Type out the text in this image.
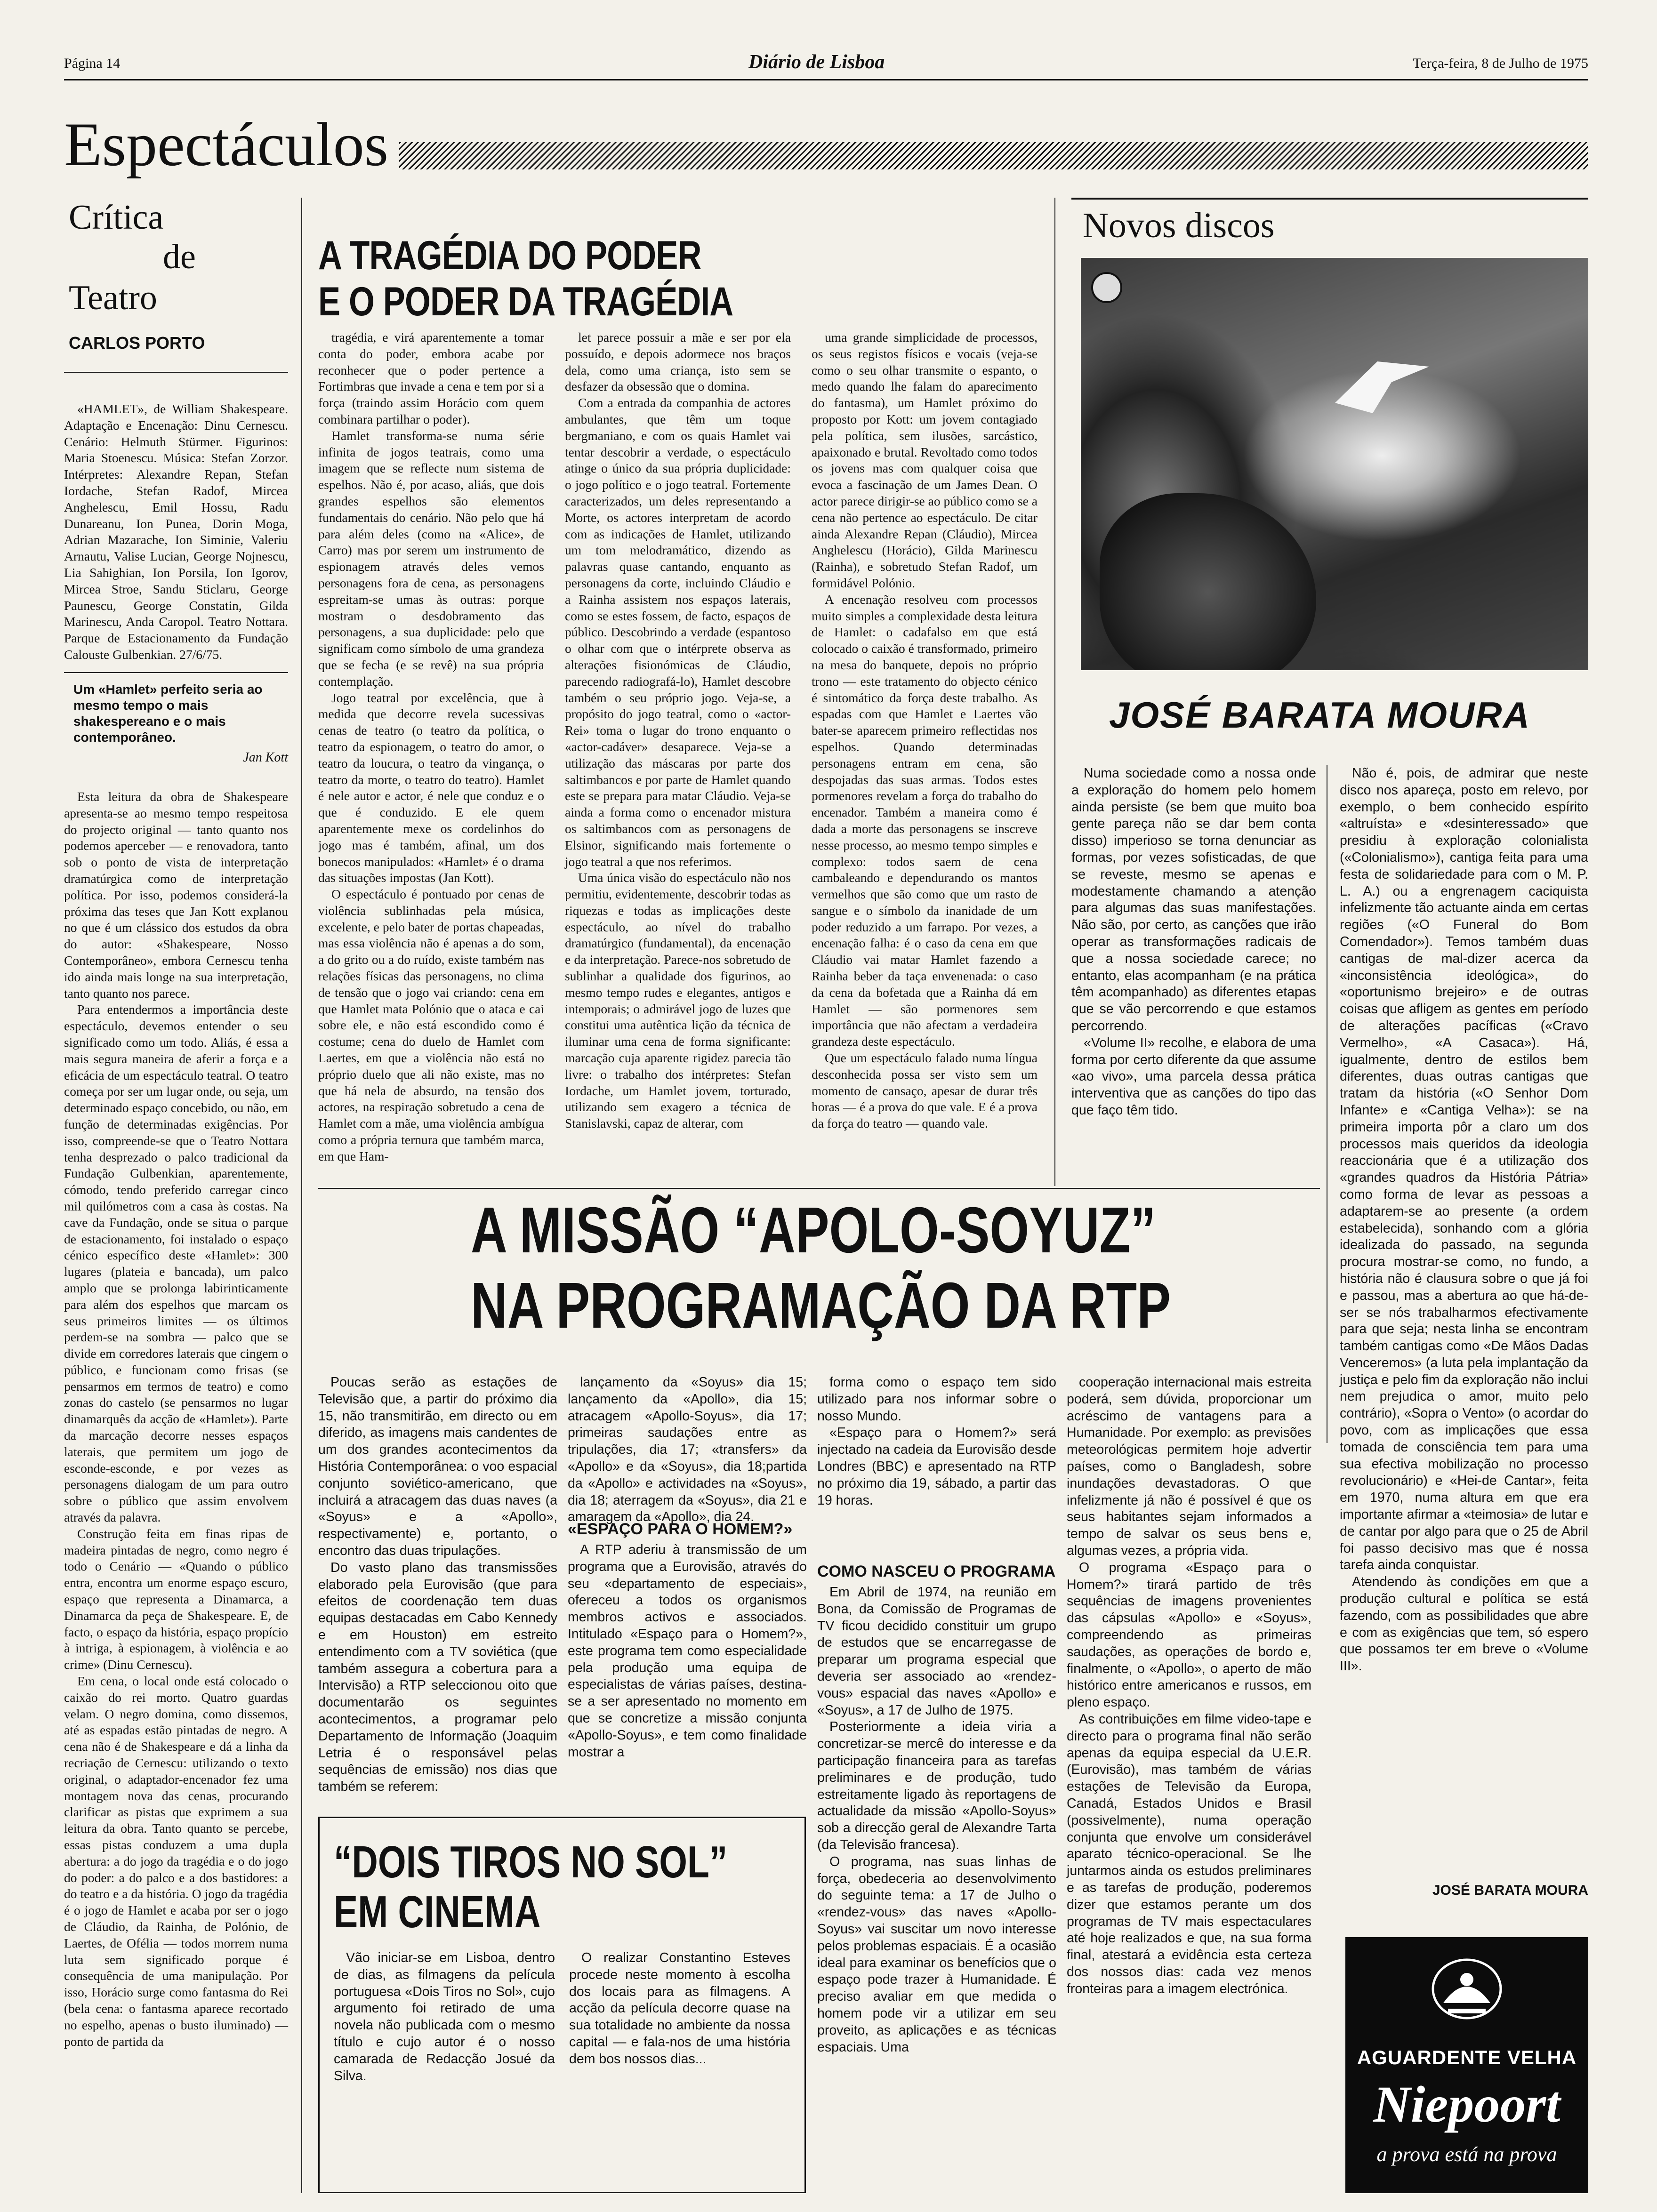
Página 14	Diário de Lisboa	Terça-feira, 8 de Julho de 1975
Espectáculos
Crítica
de
Teatro
CARLOS PORTO

«HAMLET», de William Shakespeare. Adaptação e Encenação: Dinu Cernescu. Cenário: Helmuth Stürmer. Figurinos: Maria Stoenescu. Música: Stefan Zorzor. Intérpretes: Alexandre Repan, Stefan Iordache, Stefan Radof, Mircea Anghelescu, Emil Hossu, Radu Dunareanu, Ion Punea, Dorin Moga, Adrian Mazarache, Ion Siminie, Valeriu Arnautu, Valise Lucian, George Nojnescu, Lia Sahighian, Ion Porsila, Ion Igorov, Mircea Stroe, Sandu Sticlaru, George Paunescu, George Constatin, Gilda Marinescu, Anda Caropol. Teatro Nottara. Parque de Estacionamento da Fundação Calouste Gulbenkian. 27/6/75.

Um «Hamlet» perfeito seria ao mesmo tempo o mais shakespereano e o mais contemporâneo.
Jan Kott

Esta leitura da obra de Shakespeare apresenta-se ao mesmo tempo respeitosa do projecto original — tanto quanto nos podemos aperceber — e renovadora, tanto sob o ponto de vista de interpretação dramatúrgica como de interpretação política. Por isso, podemos considerá-la próxima das teses que Jan Kott explanou no que é um clássico dos estudos da obra do autor: «Shakespeare, Nosso Contemporâneo», embora Cernescu tenha ido ainda mais longe na sua interpretação, tanto quanto nos parece.

Para entendermos a importância deste espectáculo, devemos entender o seu significado como um todo. Aliás, é essa a mais segura maneira de aferir a força e a eficácia de um espectáculo teatral. O teatro começa por ser um lugar onde, ou seja, um determinado espaço concebido, ou não, em função de determinadas exigências. Por isso, compreende-se que o Teatro Nottara tenha desprezado o palco tradicional da Fundação Gulbenkian, aparentemente, cómodo, tendo preferido carregar cinco mil quilómetros com a casa às costas. Na cave da Fundação, onde se situa o parque de estacionamento, foi instalado o espaço cénico específico deste «Hamlet»: 300 lugares (plateia e bancada), um palco amplo que se prolonga labirinticamente para além dos espelhos que marcam os seus primeiros limites — os últimos perdem-se na sombra — palco que se divide em corredores laterais que cingem o público, e funcionam como frisas (se pensarmos em termos de teatro) e como zonas do castelo (se pensarmos no lugar dinamarquês da acção de «Hamlet»). Parte da marcação decorre nesses espaços laterais, que permitem um jogo de esconde-esconde, e por vezes as personagens dialogam de um para outro sobre o público que assim envolvem através da palavra.

Construção feita em finas ripas de madeira pintadas de negro, como negro é todo o Cenário — «Quando o público entra, encontra um enorme espaço escuro, espaço que representa a Dinamarca, a Dinamarca da peça de Shakespeare. E, de facto, o espaço da história, espaço propício à intriga, à espionagem, à violência e ao crime» (Dinu Cernescu).

Em cena, o local onde está colocado o caixão do rei morto. Quatro guardas velam. O negro domina, como dissemos, até as espadas estão pintadas de negro. A cena não é de Shakespeare e dá a linha da recriação de Cernescu: utilizando o texto original, o adaptador-encenador fez uma montagem nova das cenas, procurando clarificar as pistas que exprimem a sua leitura da obra. Tanto quanto se percebe, essas pistas conduzem a uma dupla abertura: a do jogo da tragédia e o do jogo do poder: a do palco e a dos bastidores: a do teatro e a da história. O jogo da tragédia é o jogo de Hamlet e acaba por ser o jogo de Cláudio, da Rainha, de Polónio, de Laertes, de Ofélia — todos morrem numa luta sem significado porque é consequência de uma manipulação. Por isso, Horácio surge como fantasma do Rei (bela cena: o fantasma aparece recortado no espelho, apenas o busto iluminado) — ponto de partida da

A TRAGÉDIA DO PODER
E O PODER DA TRAGÉDIA

tragédia, e virá aparentemente a tomar conta do poder, embora acabe por reconhecer que o poder pertence a Fortimbras que invade a cena e tem por si a força (traindo assim Horácio com quem combinara partilhar o poder).

Hamlet transforma-se numa série infinita de jogos teatrais, como uma imagem que se reflecte num sistema de espelhos. Não é, por acaso, aliás, que dois grandes espelhos são elementos fundamentais do cenário. Não pelo que há para além deles (como na «Alice», de Carro) mas por serem um instrumento de espionagem através deles vemos personagens fora de cena, as personagens espreitam-se umas às outras: porque mostram o desdobramento das personagens, a sua duplicidade: pelo que significam como símbolo de uma grandeza que se fecha (e se revê) na sua própria contemplação.

Jogo teatral por excelência, que à medida que decorre revela sucessivas cenas de teatro (o teatro da política, o teatro da espionagem, o teatro do amor, o teatro da loucura, o teatro da vingança, o teatro da morte, o teatro do teatro). Hamlet é nele autor e actor, é nele que conduz e o que é conduzido. E ele quem aparentemente mexe os cordelinhos do jogo mas é também, afinal, um dos bonecos manipulados: «Hamlet» é o drama das situações impostas (Jan Kott).

O espectáculo é pontuado por cenas de violência sublinhadas pela música, excelente, e pelo bater de portas chapeadas, mas essa violência não é apenas a do som, a do grito ou a do ruído, existe também nas relações físicas das personagens, no clima de tensão que o jogo vai criando: cena em que Hamlet mata Polónio que o ataca e cai sobre ele, e não está escondido como é costume; cena do duelo de Hamlet com Laertes, em que a violência não está no próprio duelo que ali não existe, mas no que há nela de absurdo, na tensão dos actores, na respiração sobretudo a cena de Hamlet com a mãe, uma violência ambígua como a própria ternura que também marca, em que Ham-

let parece possuir a mãe e ser por ela possuído, e depois adormece nos braços dela, como uma criança, isto sem se desfazer da obsessão que o domina.

Com a entrada da companhia de actores ambulantes, que têm um toque bergmaniano, e com os quais Hamlet vai tentar descobrir a verdade, o espectáculo atinge o único da sua própria duplicidade: o jogo político e o jogo teatral. Fortemente caracterizados, um deles representando a Morte, os actores interpretam de acordo com as indicações de Hamlet, utilizando um tom melodramático, dizendo as palavras quase cantando, enquanto as personagens da corte, incluindo Cláudio e a Rainha assistem nos espaços laterais, como se estes fossem, de facto, espaços de público. Descobrindo a verdade (espantoso o olhar com que o intérprete observa as alterações fisionómicas de Cláudio, parecendo radiografá-lo), Hamlet descobre também o seu próprio jogo. Veja-se, a propósito do jogo teatral, como o «actor-Rei» toma o lugar do trono enquanto o «actor-cadáver» desaparece. Veja-se a utilização das máscaras por parte dos saltimbancos e por parte de Hamlet quando este se prepara para matar Cláudio. Veja-se ainda a forma como o encenador mistura os saltimbancos com as personagens de Elsinor, significando mais fortemente o jogo teatral a que nos referimos.

Uma única visão do espectáculo não nos permitiu, evidentemente, descobrir todas as riquezas e todas as implicações deste espectáculo, ao nível do trabalho dramatúrgico (fundamental), da encenação e da interpretação. Parece-nos sobretudo de sublinhar a qualidade dos figurinos, ao mesmo tempo rudes e elegantes, antigos e intemporais; o admirável jogo de luzes que constitui uma autêntica lição da técnica de iluminar uma cena de forma significante: marcação cuja aparente rigidez parecia tão livre: o trabalho dos intérpretes: Stefan Iordache, um Hamlet jovem, torturado, utilizando sem exagero a técnica de Stanislavski, capaz de alterar, com

uma grande simplicidade de processos, os seus registos físicos e vocais (veja-se como o seu olhar transmite o espanto, o medo quando lhe falam do aparecimento do fantasma), um Hamlet próximo do proposto por Kott: um jovem contagiado pela política, sem ilusões, sarcástico, apaixonado e brutal. Revoltado como todos os jovens mas com qualquer coisa que evoca a fascinação de um James Dean. O actor parece dirigir-se ao público como se a cena não pertence ao espectáculo. De citar ainda Alexandre Repan (Cláudio), Mircea Anghelescu (Horácio), Gilda Marinescu (Rainha), e sobretudo Stefan Radof, um formidável Polónio.

A encenação resolveu com processos muito simples a complexidade desta leitura de Hamlet: o cadafalso em que está colocado o caixão é transformado, primeiro na mesa do banquete, depois no próprio trono — este tratamento do objecto cénico é sintomático da força deste trabalho. As espadas com que Hamlet e Laertes vão bater-se aparecem primeiro reflectidas nos espelhos. Quando determinadas personagens entram em cena, são despojadas das suas armas. Todos estes pormenores revelam a força do trabalho do encenador. Também a maneira como é dada a morte das personagens se inscreve nesse processo, ao mesmo tempo simples e complexo: todos saem de cena cambaleando e dependurando os mantos vermelhos que são como que um rasto de sangue e o símbolo da inanidade de um poder reduzido a um farrapo. Por vezes, a encenação falha: é o caso da cena em que Cláudio vai matar Hamlet fazendo a Rainha beber da taça envenenada: o caso da cena da bofetada que a Rainha dá em Hamlet — são pormenores sem importância que não afectam a verdadeira grandeza deste espectáculo.

Que um espectáculo falado numa língua desconhecida possa ser visto sem um momento de cansaço, apesar de durar três horas — é a prova do que vale. E é a prova da força do teatro — quando vale.

Novos discos
JOSÉ BARATA MOURA

Numa sociedade como a nossa onde a exploração do homem pelo homem ainda persiste (se bem que muito boa gente pareça não se dar bem conta disso) imperioso se torna denunciar as formas, por vezes sofisticadas, de que se reveste, mesmo se apenas e modestamente chamando a atenção para algumas das suas manifestações. Não são, por certo, as canções que irão operar as transformações radicais de que a nossa sociedade carece; no entanto, elas acompanham (e na prática têm acompanhado) as diferentes etapas que se vão percorrendo e que estamos percorrendo.

«Volume II» recolhe, e elabora de uma forma por certo diferente da que assume «ao vivo», uma parcela dessa prática interventiva que as canções do tipo das que faço têm tido.

Não é, pois, de admirar que neste disco nos apareça, posto em relevo, por exemplo, o bem conhecido espírito «altruísta» e «desinteressado» que presidiu à exploração colonialista («Colonialismo»), cantiga feita para uma festa de solidariedade para com o M. P. L. A.) ou a engrenagem caciquista infelizmente tão actuante ainda em certas regiões («O Funeral do Bom Comendador»). Temos também duas cantigas de mal-dizer acerca da «inconsistência ideológica», do «oportunismo brejeiro» e de outras coisas que afligem as gentes em período de alterações pacíficas («Cravo Vermelho», «A Casaca»). Há, igualmente, dentro de estilos bem diferentes, duas outras cantigas que tratam da história («O Senhor Dom Infante» e «Cantiga Velha»): se na primeira importa pôr a claro um dos processos mais queridos da ideologia reaccionária que é a utilização dos «grandes quadros da História Pátria» como forma de levar as pessoas a adaptarem-se ao presente (a ordem estabelecida), sonhando com a glória idealizada do passado, na segunda procura mostrar-se como, no fundo, a história não é clausura sobre o que já foi e passou, mas a abertura ao que há-de-ser se nós trabalharmos efectivamente para que seja; nesta linha se encontram também cantigas como «De Mãos Dadas Venceremos» (a luta pela implantação da justiça e pelo fim da exploração não inclui nem prejudica o amor, muito pelo contrário), «Sopra o Vento» (o acordar do povo, com as implicações que essa tomada de consciência tem para uma sua efectiva mobilização no processo revolucionário) e «Hei-de Cantar», feita em 1970, numa altura em que era importante afirmar a «teimosia» de lutar e de cantar por algo para que o 25 de Abril foi passo decisivo mas que é nossa tarefa ainda conquistar.

Atendendo às condições em que a produção cultural e política se está fazendo, com as possibilidades que abre e com as exigências que tem, só espero que possamos ter em breve o «Volume III».

JOSÉ BARATA MOURA
A MISSÃO “APOLO-SOYUZ”
NA PROGRAMAÇÃO DA RTP

Poucas serão as estações de Televisão que, a partir do próximo dia 15, não transmitirão, em directo ou em diferido, as imagens mais candentes de um dos grandes acontecimentos da História Contemporânea: o voo espacial conjunto soviético-americano, que incluirá a atracagem das duas naves (a «Soyus» e a «Apollo», respectivamente) e, portanto, o encontro das duas tripulações.

Do vasto plano das transmissões elaborado pela Eurovisão (que para efeitos de coordenação tem duas equipas destacadas em Cabo Kennedy e em Houston) em estreito entendimento com a TV soviética (que também assegura a cobertura para a Intervisão) a RTP seleccionou oito que documentarão os seguintes acontecimentos, a programar pelo Departamento de Informação (Joaquim Letria é o responsável pelas sequências de emissão) nos dias que também se referem:

lançamento da «Soyus» dia 15; lançamento da «Apollo», dia 15; atracagem «Apollo-Soyus», dia 17; primeiras saudações entre as tripulações, dia 17; «transfers» da «Apollo» e da «Soyus», dia 18;partida da «Apollo» e actividades na «Soyus», dia 18; aterragem da «Soyus», dia 21 e amaragem da «Apollo», dia 24.

«ESPAÇO PARA O HOMEM?»

A RTP aderiu à transmissão de um programa que a Eurovisão, através do seu «departamento de especiais», ofereceu a todos os organismos membros activos e associados. Intitulado «Espaço para o Homem?», este programa tem como especialidade pela produção uma equipa de especialistas de várias países, destina-se a ser apresentado no momento em que se concretize a missão conjunta «Apollo-Soyus», e tem como finalidade mostrar a

forma como o espaço tem sido utilizado para nos informar sobre o nosso Mundo.

«Espaço para o Homem?» será injectado na cadeia da Eurovisão desde Londres (BBC) e apresentado na RTP no próximo dia 19, sábado, a partir das 19 horas.

COMO NASCEU O PROGRAMA

Em Abril de 1974, na reunião em Bona, da Comissão de Programas de TV ficou decidido constituir um grupo de estudos que se encarregasse de preparar um programa especial que deveria ser associado ao «rendez-vous» espacial das naves «Apollo» e «Soyus», a 17 de Julho de 1975.

Posteriormente a ideia viria a concretizar-se mercê do interesse e da participação financeira para as tarefas preliminares e de produção, tudo estreitamente ligado às reportagens de actualidade da missão «Apollo-Soyus» sob a direcção geral de Alexandre Tarta (da Televisão francesa).

O programa, nas suas linhas de força, obedeceria ao desenvolvimento do seguinte tema: a 17 de Julho o «rendez-vous» das naves «Apollo-Soyus» vai suscitar um novo interesse pelos problemas espaciais. É a ocasião ideal para examinar os benefícios que o espaço pode trazer à Humanidade. É preciso avaliar em que medida o homem pode vir a utilizar em seu proveito, as aplicações e as técnicas espaciais. Uma

cooperação internacional mais estreita poderá, sem dúvida, proporcionar um acréscimo de vantagens para a Humanidade. Por exemplo: as previsões meteorológicas permitem hoje advertir países, como o Bangladesh, sobre inundações devastadoras. O que infelizmente já não é possível é que os seus habitantes sejam informados a tempo de salvar os seus bens e, algumas vezes, a própria vida.

O programa «Espaço para o Homem?» tirará partido de três sequências de imagens provenientes das cápsulas «Apollo» e «Soyus», compreendendo as primeiras saudações, as operações de bordo e, finalmente, o «Apollo», o aperto de mão histórico entre americanos e russos, em pleno espaço.

As contribuições em filme video-tape e directo para o programa final não serão apenas da equipa especial da U.E.R. (Eurovisão), mas também de várias estações de Televisão da Europa, Canadá, Estados Unidos e Brasil (possivelmente), numa operação conjunta que envolve um considerável aparato técnico-operacional. Se lhe juntarmos ainda os estudos preliminares e as tarefas de produção, poderemos dizer que estamos perante um dos programas de TV mais espectaculares até hoje realizados e que, na sua forma final, atestará a evidência esta certeza dos nossos dias: cada vez menos fronteiras para a imagem electrónica.

“DOIS TIROS NO SOL”
EM CINEMA

Vão iniciar-se em Lisboa, dentro de dias, as filmagens da película portuguesa «Dois Tiros no Sol», cujo argumento foi retirado de uma novela não publicada com o mesmo título e cujo autor é o nosso camarada de Redacção Josué da Silva.

O realizar Constantino Esteves procede neste momento à escolha dos locais para as filmagens. A acção da película decorre quase na sua totalidade no ambiente da nossa capital — e fala-nos de uma história dem bos nossos dias...	AGUARDENTE VELHA
Niepoort
a prova está na prova
